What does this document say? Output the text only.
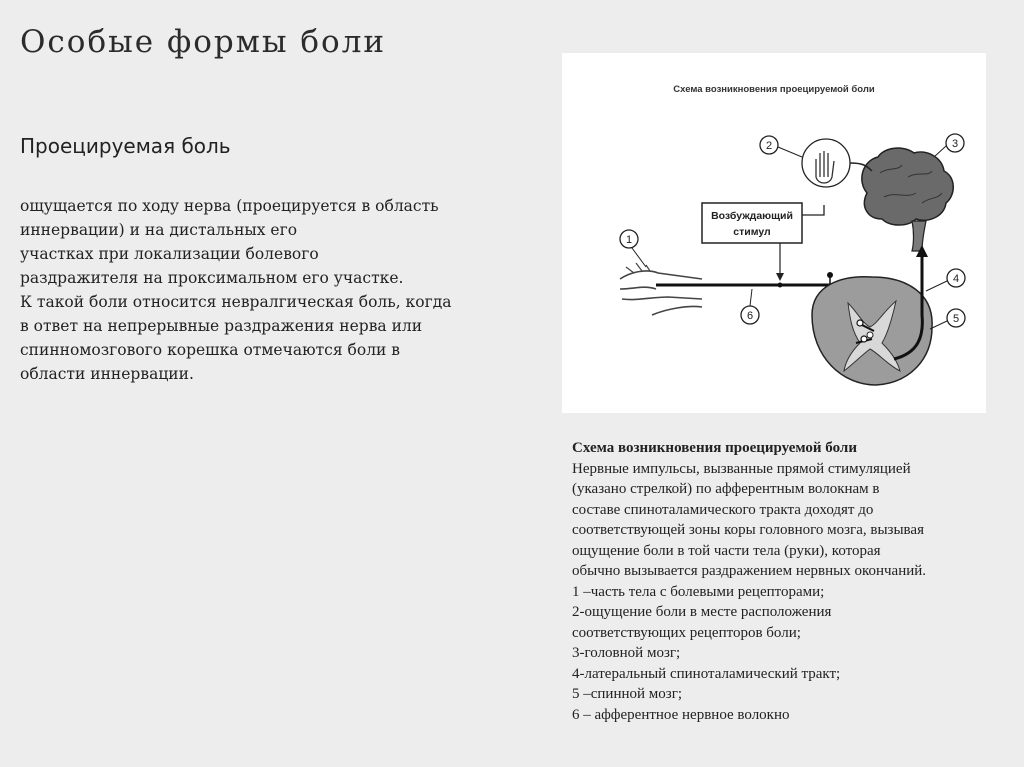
Особые формы боли
Проецируемая боль
ощущается по ходу нерва (проецируется в область
иннервации) и на дистальных его
участках при локализации болевого
раздражителя на проксимальном его участке.
К такой боли относится невралгическая боль, когда
в ответ на непрерывные раздражения нерва или
спинномозгового корешка отмечаются боли в
области иннервации.
Схема возникновения проецируемой боли
3
2
Возбуждающий
стимул
1
4
5
6
Схема возникновения проецируемой боли
Нервные импульсы, вызванные прямой стимуляцией
(указано стрелкой) по афферентным волокнам в
составе спиноталамического тракта доходят до
соответствующей зоны коры головного мозга, вызывая
ощущение боли в той части тела (руки), которая
обычно вызывается раздражением нервных окончаний.
1 –часть тела с болевыми рецепторами;
2-ощущение боли в месте расположения
соответствующих рецепторов боли;
3-головной мозг;
4-латеральный спиноталамический тракт;
5 –спинной мозг;
6 – афферентное нервное волокно
